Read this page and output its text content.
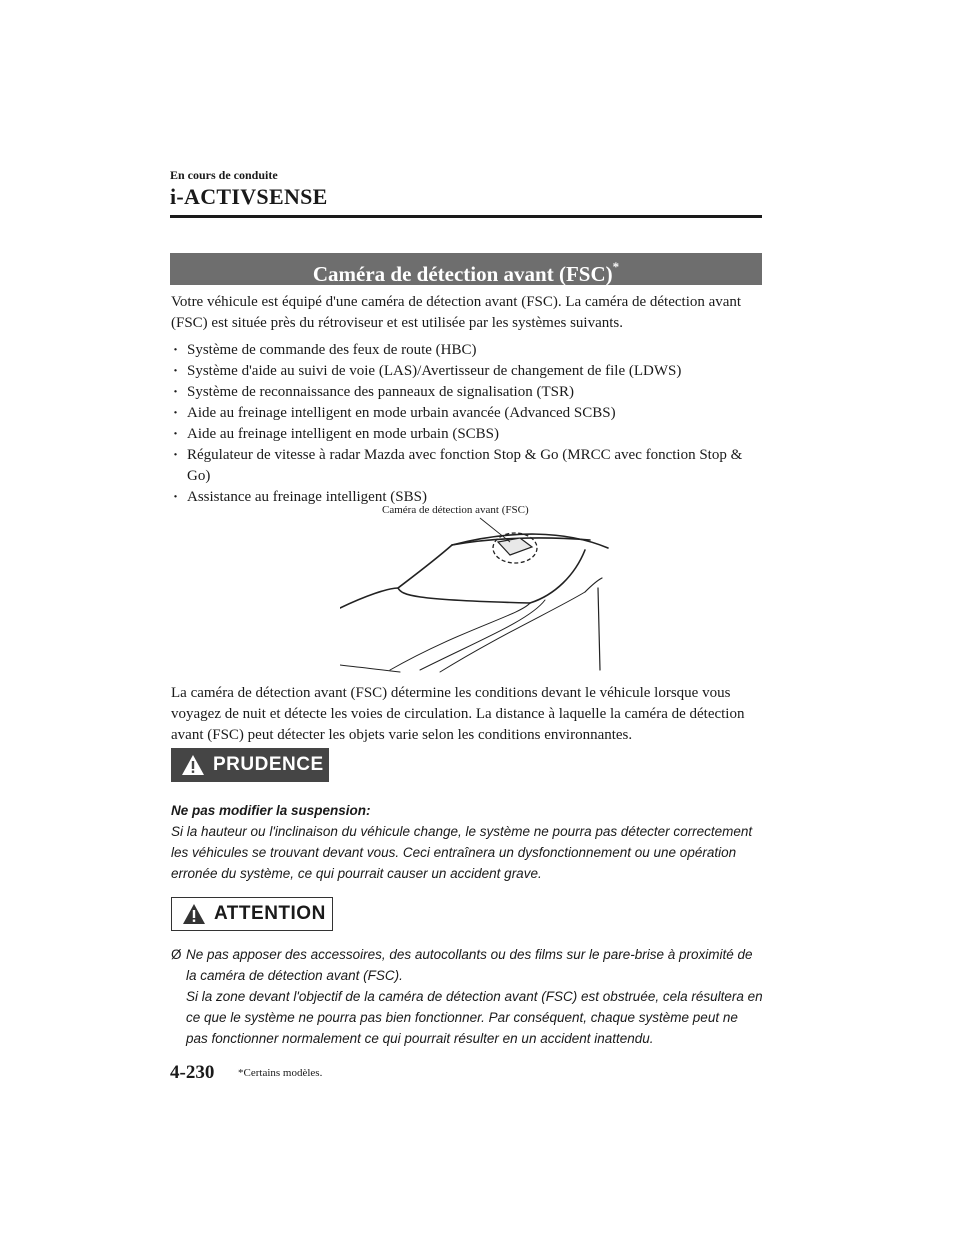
En cours de conduite
i-ACTIVSENSE
Caméra de détection avant (FSC)*
Votre véhicule est équipé d'une caméra de détection avant (FSC). La caméra de détection avant (FSC) est située près du rétroviseur et est utilisée par les systèmes suivants.
· Système de commande des feux de route (HBC)
· Système d'aide au suivi de voie (LAS)/Avertisseur de changement de file (LDWS)
· Système de reconnaissance des panneaux de signalisation (TSR)
· Aide au freinage intelligent en mode urbain avancée (Advanced SCBS)
· Aide au freinage intelligent en mode urbain (SCBS)
· Régulateur de vitesse à radar Mazda avec fonction Stop & Go (MRCC avec fonction Stop & Go)
· Assistance au freinage intelligent (SBS)
Caméra de détection avant (FSC)
La caméra de détection avant (FSC) détermine les conditions devant le véhicule lorsque vous voyagez de nuit et détecte les voies de circulation. La distance à laquelle la caméra de détection avant (FSC) peut détecter les objets varie selon les conditions environnantes.
PRUDENCE
Ne pas modifier la suspension:
Si la hauteur ou l'inclinaison du véhicule change, le système ne pourra pas détecter correctement les véhicules se trouvant devant vous. Ceci entraînera un dysfonctionnement ou une opération erronée du système, ce qui pourrait causer un accident grave.
ATTENTION
Ø Ne pas apposer des accessoires, des autocollants ou des films sur le pare-brise à proximité de la caméra de détection avant (FSC).
Si la zone devant l'objectif de la caméra de détection avant (FSC) est obstruée, cela résultera en ce que le système ne pourra pas bien fonctionner. Par conséquent, chaque système peut ne pas fonctionner normalement ce qui pourrait résulter en un accident inattendu.
4-230 *Certains modèles.
